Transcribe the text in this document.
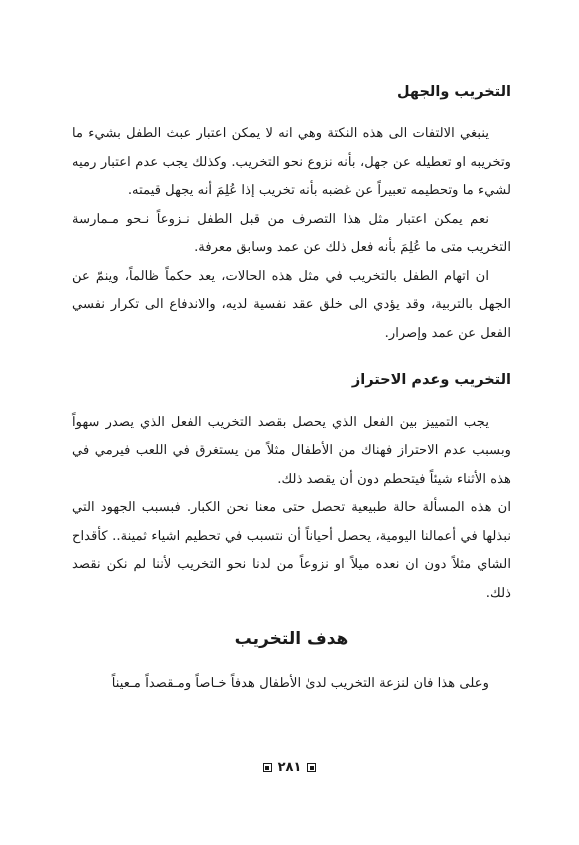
التخريب والجهل

ينبغي الالتفات الى هذه النكتة وهي انه لا يمكن اعتبار عبث الطفل بشيء ما وتخريبه او تعطيله عن جهل، بأنه نزوع نحو التخريب. وكذلك يجب عدم اعتبار رميه لشيء ما وتحطيمه تعبيراً عن غضبه بأنه تخريب إذا عُلِمَ أنه يجهل قيمته.

نعم يمكن اعتبار مثل هذا التصرف من قبل الطفل نـزوعاً نـحو مـمارسة التخريب متى ما عُلِمَ بأنه فعل ذلك عن عمد وسابق معرفة.

ان اتهام الطفل بالتخريب في مثل هذه الحالات، يعد حكماً ظالماً، وينمّ عن الجهل بالتربية، وقد يؤدي الى خلق عقد نفسية لديه، والاندفاع الى تكرار نفسي الفعل عن عمد وإصرار.

التخريب وعدم الاحتراز

يجب التمييز بين الفعل الذي يحصل بقصد التخريب الفعل الذي يصدر سهواً وبسبب عدم الاحتراز فهناك من الأطفال مثلاً من يستغرق في اللعب فيرمي في هذه الأثناء شيئاً فيتحطم دون أن يقصد ذلك.

ان هذه المسألة حالة طبيعية تحصل حتى معنا نحن الكبار. فبسبب الجهود التي نبذلها في أعمالنا اليومية، يحصل أحياناً أن نتسبب في تحطيم اشياء ثمينة.. كأقداح الشاي مثلاً دون ان نعده ميلاً او نزوعاً من لدنا نحو التخريب لأننا لم نكن نقصد ذلك.

هدف التخريب

وعلى هذا فان لنزعة التخريب لدىٰ الأطفال هدفاً خـاصاً ومـقصداً مـعيناً

٢٨١
